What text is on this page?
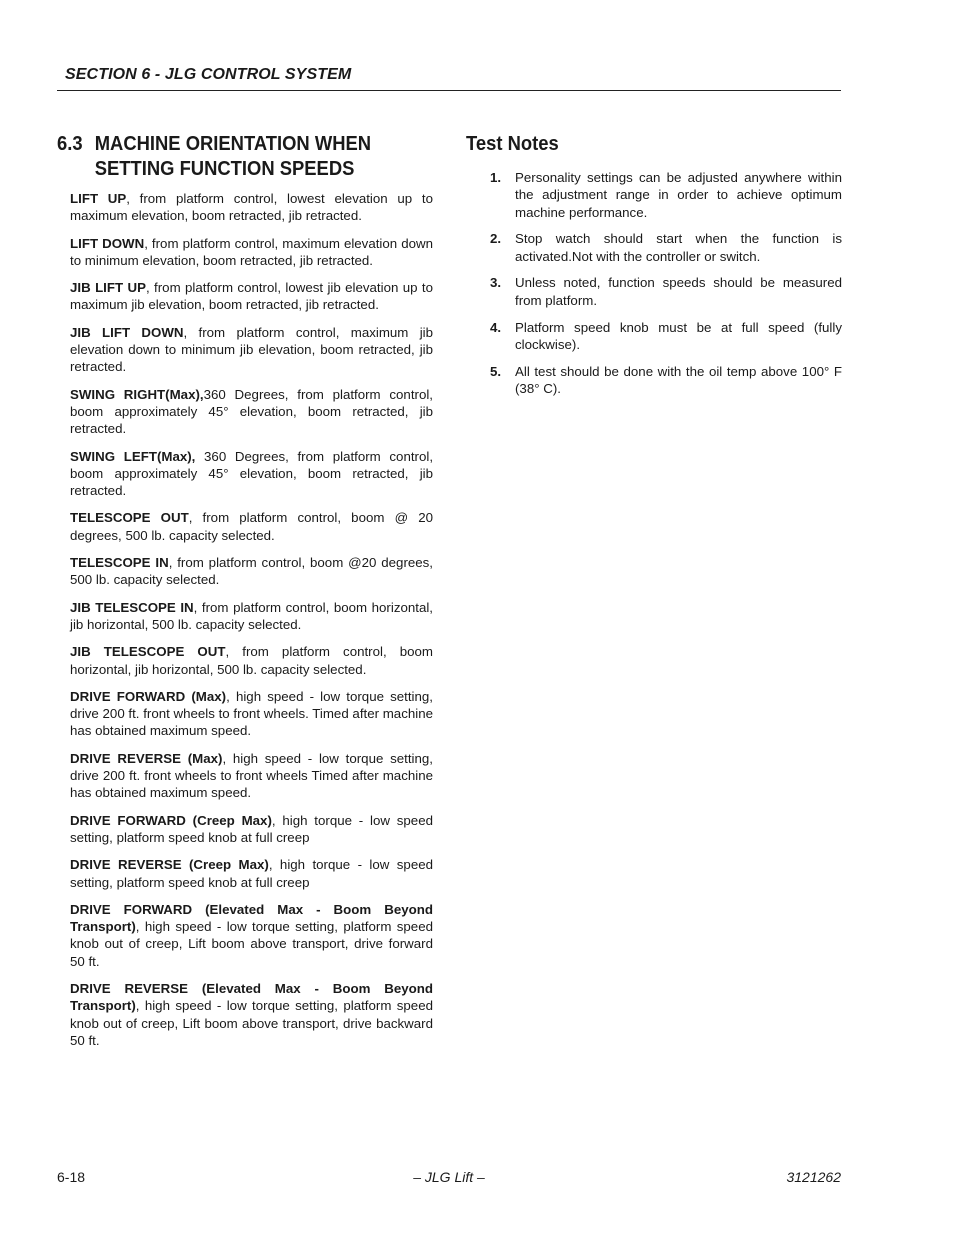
SECTION 6 - JLG CONTROL SYSTEM
6.3 MACHINE ORIENTATION WHEN SETTING FUNCTION SPEEDS

LIFT UP, from platform control, lowest elevation up to maximum elevation, boom retracted, jib retracted.

LIFT DOWN, from platform control, maximum elevation down to minimum elevation, boom retracted, jib retracted.

JIB LIFT UP, from platform control, lowest jib elevation up to maximum jib elevation, boom retracted, jib retracted.

JIB LIFT DOWN, from platform control, maximum jib elevation down to minimum jib elevation, boom retracted, jib retracted.

SWING RIGHT(Max),360 Degrees, from platform control, boom approximately 45° elevation, boom retracted, jib retracted.

SWING LEFT(Max), 360 Degrees, from platform control, boom approximately 45° elevation, boom retracted, jib retracted.

TELESCOPE OUT, from platform control, boom @ 20 degrees, 500 lb. capacity selected.

TELESCOPE IN, from platform control, boom @20 degrees, 500 lb. capacity selected.

JIB TELESCOPE IN, from platform control, boom horizontal, jib horizontal, 500 lb. capacity selected.

JIB TELESCOPE OUT, from platform control, boom horizontal, jib horizontal, 500 lb. capacity selected.

DRIVE FORWARD (Max), high speed - low torque setting, drive 200 ft. front wheels to front wheels. Timed after machine has obtained maximum speed.

DRIVE REVERSE (Max), high speed - low torque setting, drive 200 ft. front wheels to front wheels Timed after machine has obtained maximum speed.

DRIVE FORWARD (Creep Max), high torque - low speed setting, platform speed knob at full creep

DRIVE REVERSE (Creep Max), high torque - low speed setting, platform speed knob at full creep

DRIVE FORWARD (Elevated Max - Boom Beyond Transport), high speed - low torque setting, platform speed knob out of creep, Lift boom above transport, drive forward 50 ft.

DRIVE REVERSE (Elevated Max - Boom Beyond Transport), high speed - low torque setting, platform speed knob out of creep, Lift boom above transport, drive backward 50 ft.

Test Notes
1.	Personality settings can be adjusted anywhere within the adjustment range in order to achieve optimum machine performance.
2.	Stop watch should start when the function is activated.Not with the controller or switch.
3.	Unless noted, function speeds should be measured from platform.
4.	Platform speed knob must be at full speed (fully clockwise).
5.	All test should be done with the oil temp above 100° F (38° C).
6-18	– JLG Lift –	3121262
